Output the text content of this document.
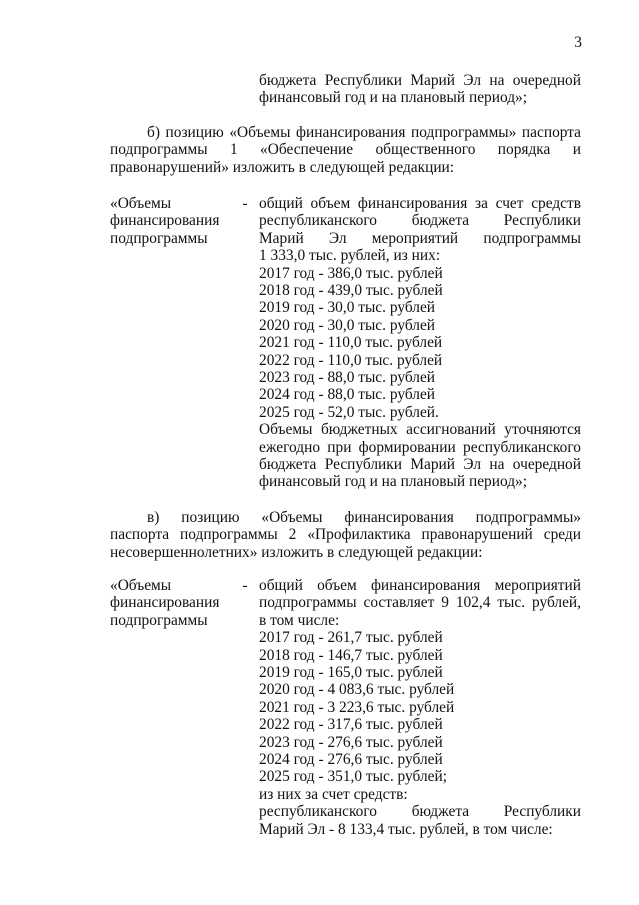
3
бюджета Республики Марий Эл на очередной
финансовый год и на плановый период»;
б) позицию «Объемы финансирования подпрограммы» паспорта
подпрограммы 1 «Обеспечение общественного порядка и
правонарушений» изложить в следующей редакции:
«Объемы
финансирования
подпрограммы
- общий объем финансирования за счет средств
республиканского бюджета Республики
Марий Эл мероприятий подпрограммы
1 333,0 тыс. рублей, из них:
2017 год - 386,0 тыс. рублей
2018 год - 439,0 тыс. рублей
2019 год - 30,0 тыс. рублей
2020 год - 30,0 тыс. рублей
2021 год - 110,0 тыс. рублей
2022 год - 110,0 тыс. рублей
2023 год - 88,0 тыс. рублей
2024 год - 88,0 тыс. рублей
2025 год - 52,0 тыс. рублей.
Объемы бюджетных ассигнований уточняются
ежегодно при формировании республиканского
бюджета Республики Марий Эл на очередной
финансовый год и на плановый период»;
в) позицию «Объемы финансирования подпрограммы»
паспорта подпрограммы 2 «Профилактика правонарушений среди
несовершеннолетних» изложить в следующей редакции:
«Объемы
финансирования
подпрограммы
- общий объем финансирования мероприятий
подпрограммы составляет 9 102,4 тыс. рублей,
в том числе:
2017 год - 261,7 тыс. рублей
2018 год - 146,7 тыс. рублей
2019 год - 165,0 тыс. рублей
2020 год - 4 083,6 тыс. рублей
2021 год - 3 223,6 тыс. рублей
2022 год - 317,6 тыс. рублей
2023 год - 276,6 тыс. рублей
2024 год - 276,6 тыс. рублей
2025 год - 351,0 тыс. рублей;
из них за счет средств:
республиканского бюджета Республики
Марий Эл - 8 133,4 тыс. рублей, в том числе:
